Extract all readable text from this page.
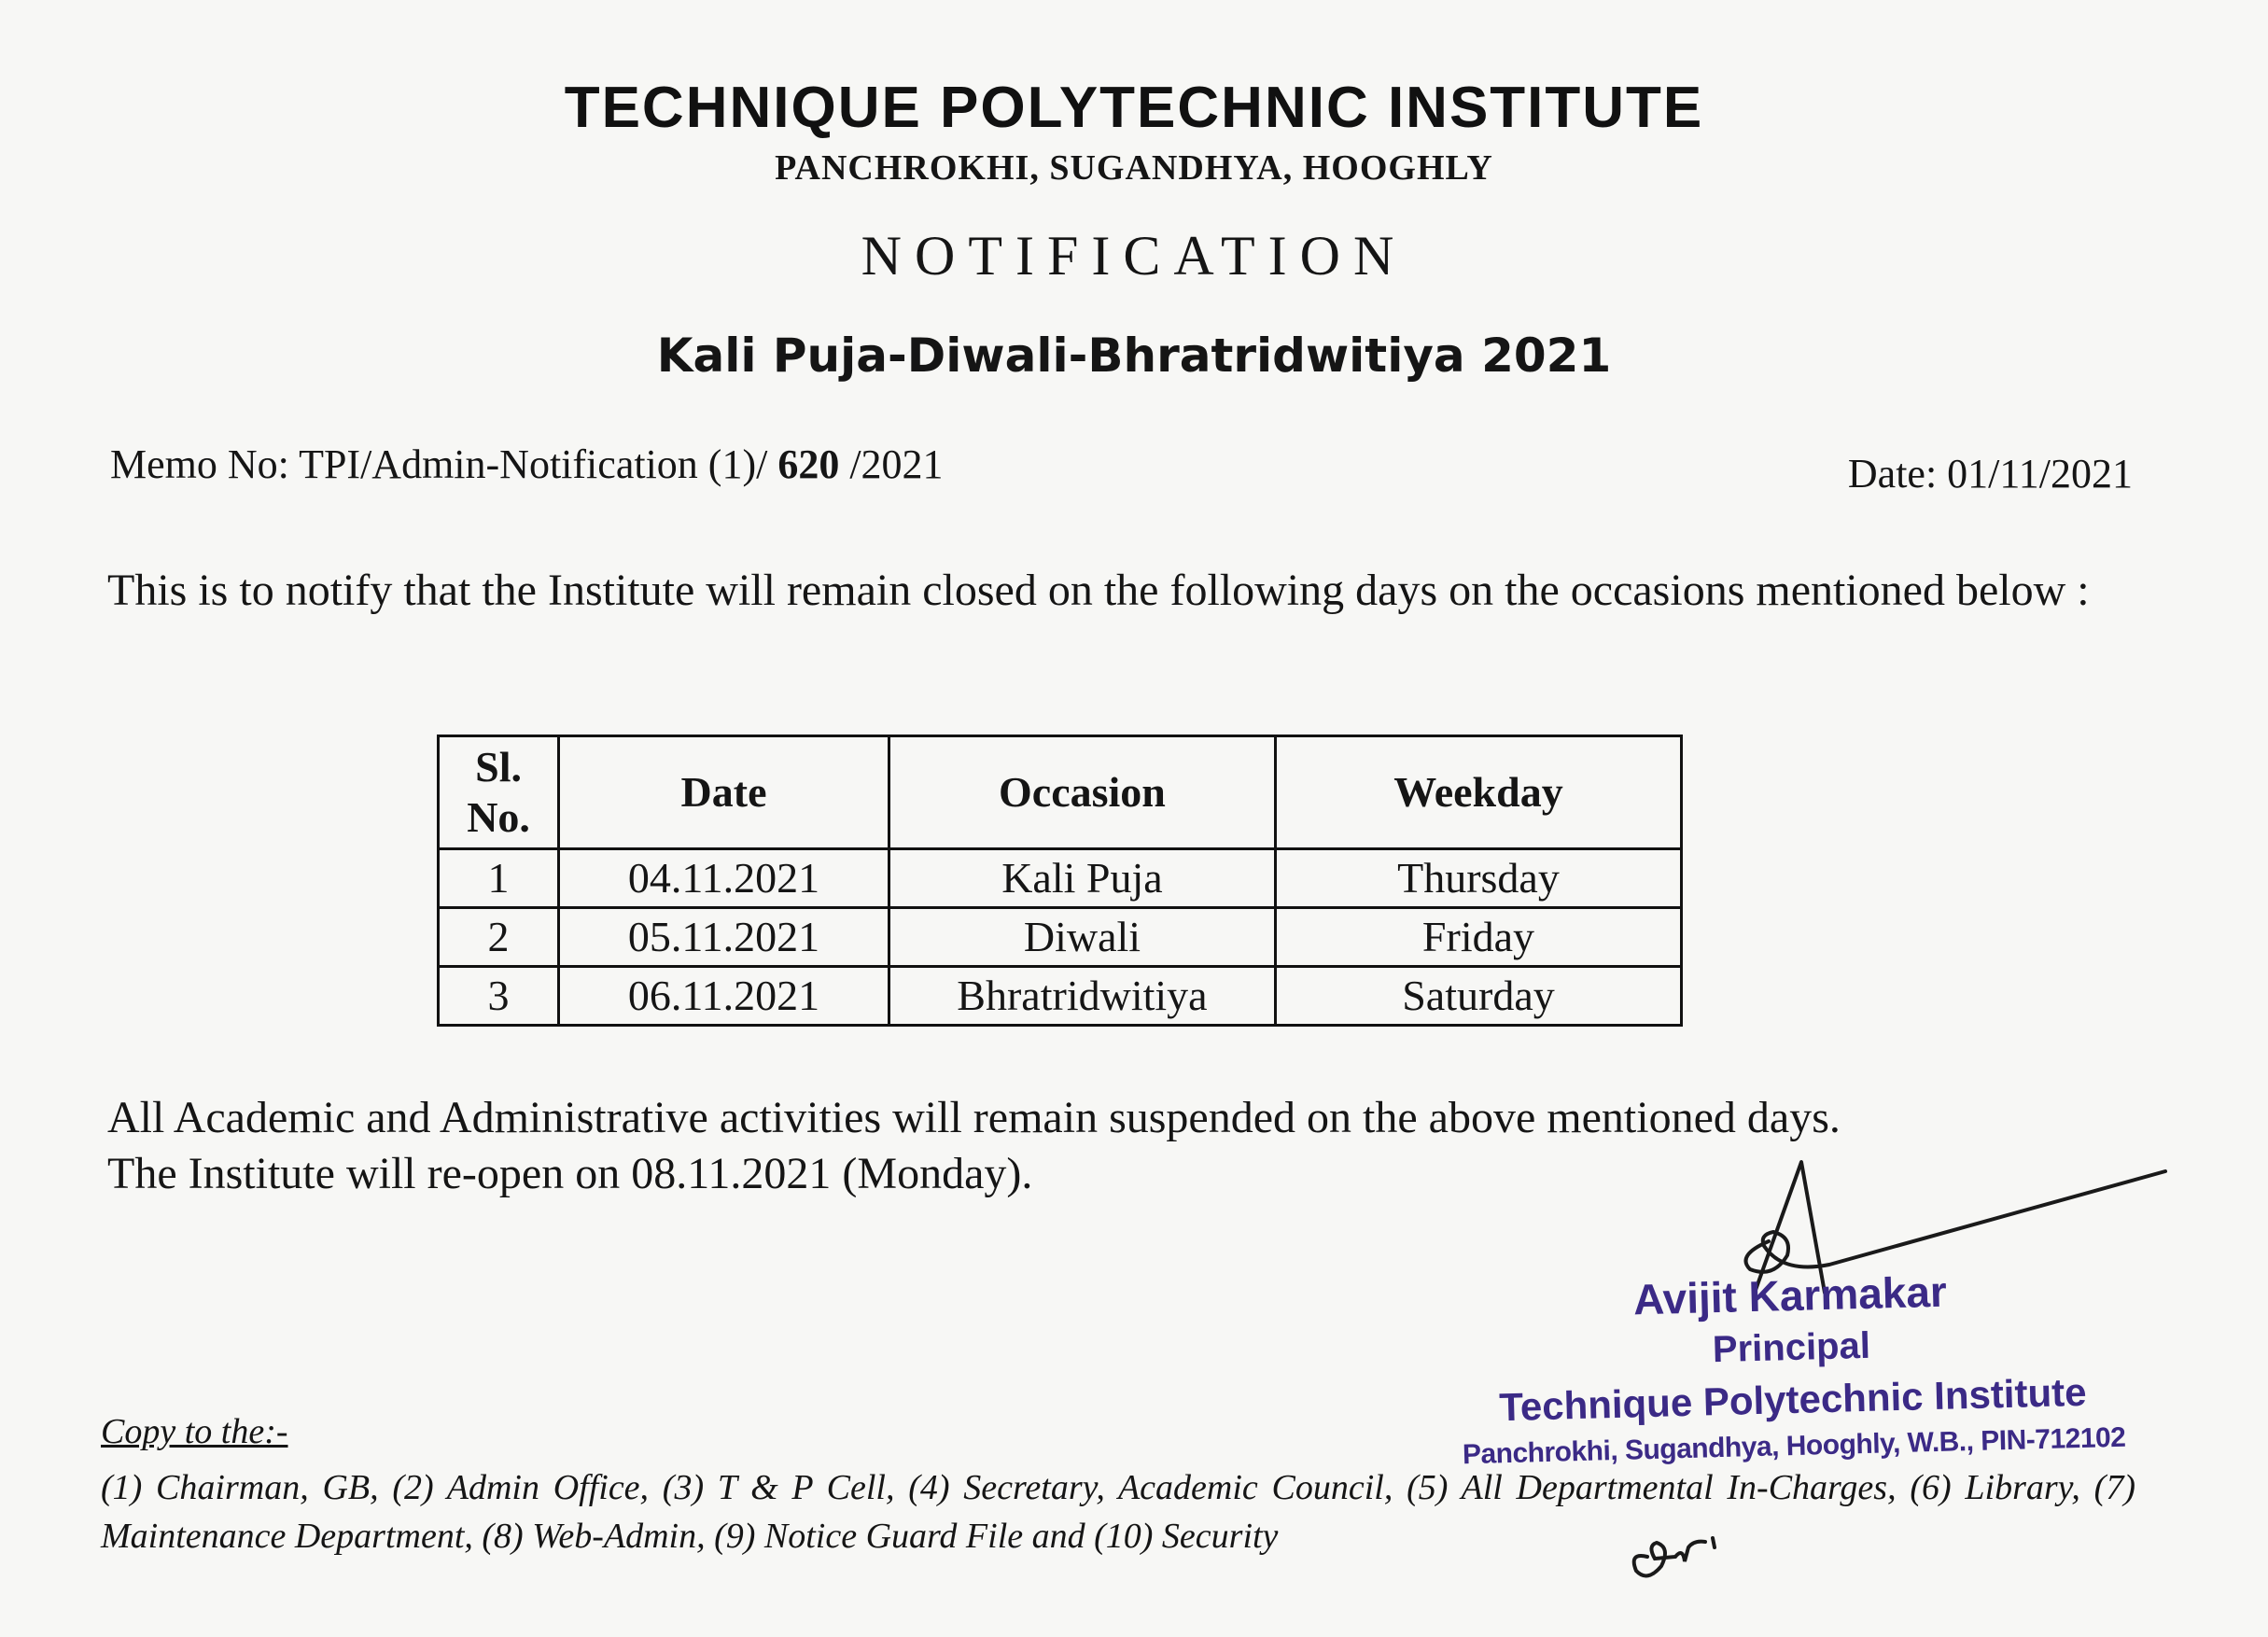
TECHNIQUE POLYTECHNIC INSTITUTE
PANCHROKHI, SUGANDHYA, HOOGHLY
NOTIFICATION
Kali Puja-Diwali-Bhratridwitiya 2021
Memo No: TPI/Admin-Notification (1)/ 620 /2021	Date: 01/11/2021
This is to notify that the Institute will remain closed on the following days on the occasions mentioned below :
Sl.
No.	Date	Occasion	Weekday
1	04.11.2021	Kali Puja	Thursday
2	05.11.2021	Diwali	Friday
3	06.11.2021	Bhratridwitiya	Saturday
All Academic and Administrative activities will remain suspended on the above mentioned days.
The Institute will re-open on 08.11.2021 (Monday).
Avijit Karmakar
Principal
Technique Polytechnic Institute
Panchrokhi, Sugandhya, Hooghly, W.B., PIN-712102
Copy to the:-
(1) Chairman, GB, (2) Admin Office, (3) T & P Cell, (4) Secretary, Academic Council, (5) All Departmental In-Charges, (6) Library, (7) Maintenance Department, (8) Web-Admin, (9) Notice Guard File and (10) Security
